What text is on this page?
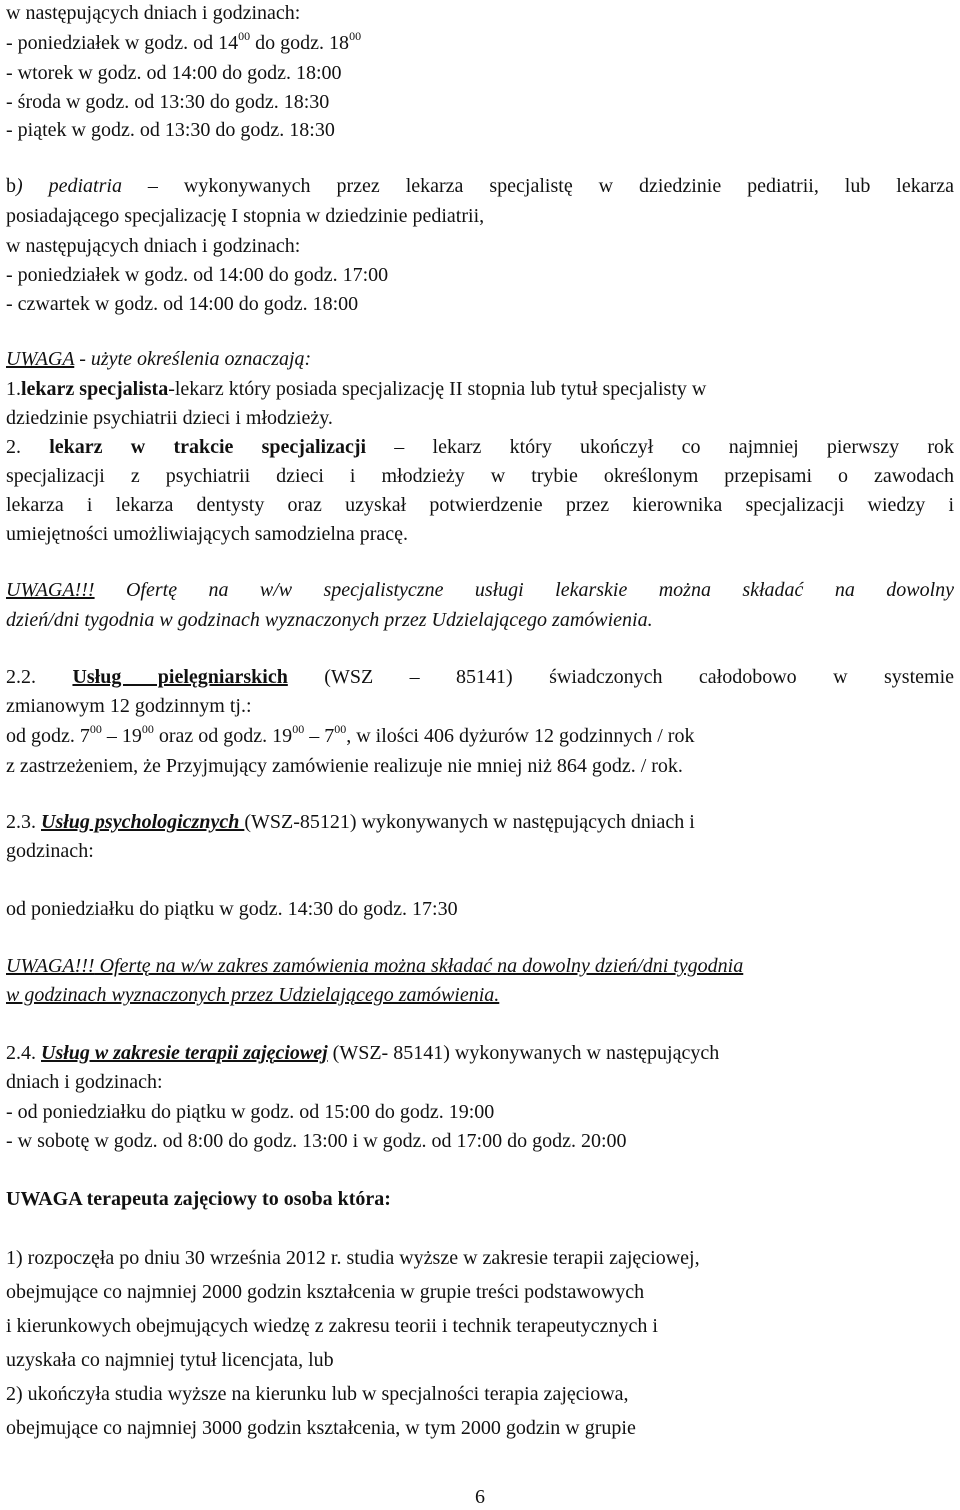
w następujących dniach i godzinach:

- poniedziałek w godz. od $14^{00}$ do godz. $18^{00}$

- wtorek w godz. od 14:00 do godz. 18:00

- środa w godz. od 13:30 do godz. 18:30

- piątek w godz. od 13:30 do godz. 18:30

b) pediatria – wykonywanych przez lekarza specjalistę w dziedzinie pediatrii, lub lekarza

posiadającego specjalizację I stopnia w dziedzinie pediatrii,

w następujących dniach i godzinach:

- poniedziałek w godz. od 14:00 do godz. 17:00

- czwartek w godz. od 14:00 do godz. 18:00

UWAGA - użyte określenia oznaczają:

1.lekarz specjalista-lekarz który posiada specjalizację II stopnia lub tytuł specjalisty w

dziedzinie psychiatrii dzieci i młodzieży.

2. lekarz w trakcie specjalizacji – lekarz który ukończył co najmniej pierwszy rok

specjalizacji z psychiatrii dzieci i młodzieży w trybie określonym przepisami o zawodach

lekarza i lekarza dentysty oraz uzyskał potwierdzenie przez kierownika specjalizacji wiedzy i

umiejętności umożliwiających samodzielna pracę.

UWAGA!!! Ofertę na w/w specjalistyczne usługi lekarskie można składać na dowolny

dzień/dni tygodnia w godzinach wyznaczonych przez Udzielającego zamówienia.

2.2. Usług pielęgniarskich (WSZ – 85141) świadczonych całodobowo w systemie

zmianowym 12 godzinnym tj.:

od godz. $7^{00} - 19^{00}$ oraz od godz. $19^{00} - 7^{00}$, w ilości 406 dyżurów 12 godzinnych / rok

z zastrzeżeniem, że Przyjmujący zamówienie realizuje nie mniej niż 864 godz. / rok.

2.3. Usług psychologicznych (WSZ-85121) wykonywanych w następujących dniach i

godzinach:

od poniedziałku do piątku w godz. 14:30 do godz. 17:30

UWAGA!!! Ofertę na w/w zakres zamówienia można składać na dowolny dzień/dni tygodnia

w godzinach wyznaczonych przez Udzielającego zamówienia.

2.4. Usług w zakresie terapii zajęciowej (WSZ- 85141) wykonywanych w następujących

dniach i godzinach:

- od poniedziałku do piątku w godz. od 15:00 do godz. 19:00

- w sobotę w godz. od 8:00 do godz. 13:00 i w godz. od 17:00 do godz. 20:00

UWAGA terapeuta zajęciowy to osoba która:

1) rozpoczęła po dniu 30 września 2012 r. studia wyższe w zakresie terapii zajęciowej,

obejmujące co najmniej 2000 godzin kształcenia w grupie treści podstawowych

i kierunkowych obejmujących wiedzę z zakresu teorii i technik terapeutycznych i

uzyskała co najmniej tytuł licencjata, lub

2) ukończyła studia wyższe na kierunku lub w specjalności terapia zajęciowa,

obejmujące co najmniej 3000 godzin kształcenia, w tym 2000 godzin w grupie

6
